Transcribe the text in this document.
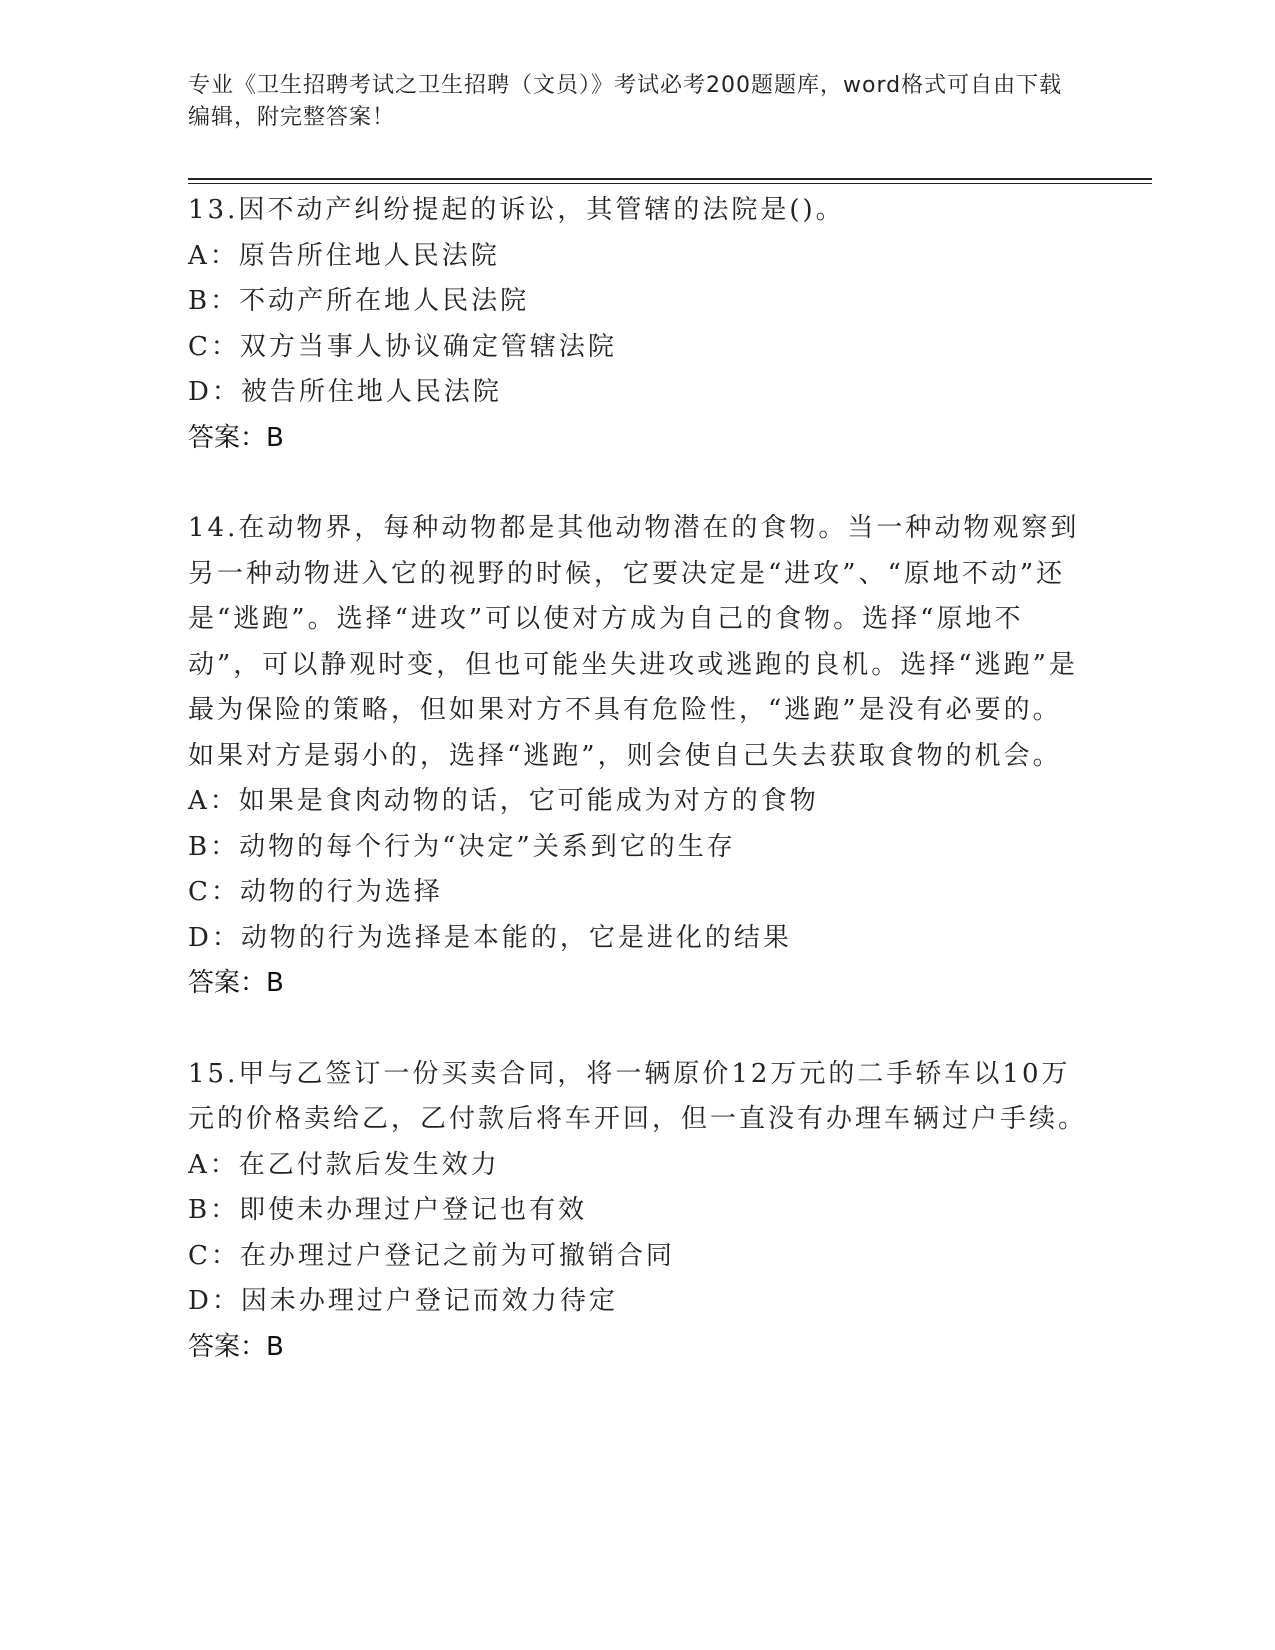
专业《卫生招聘考试之卫生招聘（文员）》考试必考200题题库，word格式可自由下载编辑，附完整答案！
13.因不动产纠纷提起的诉讼，其管辖的法院是()。
A：原告所住地人民法院
B：不动产所在地人民法院
C：双方当事人协议确定管辖法院
D：被告所住地人民法院
答案：B
14.在动物界，每种动物都是其他动物潜在的食物。当一种动物观察到另一种动物进入它的视野的时候，它要决定是“进攻”、“原地不动”还是“逃跑”。选择“进攻”可以使对方成为自己的食物。选择“原地不动”，可以静观时变，但也可能坐失进攻或逃跑的良机。选择“逃跑”是最为保险的策略，但如果对方不具有危险性，“逃跑”是没有必要的。如果对方是弱小的，选择“逃跑”，则会使自己失去获取食物的机会。
A：如果是食肉动物的话，它可能成为对方的食物
B：动物的每个行为“决定”关系到它的生存
C：动物的行为选择
D：动物的行为选择是本能的，它是进化的结果
答案：B
15.甲与乙签订一份买卖合同，将一辆原价12万元的二手轿车以10万元的价格卖给乙，乙付款后将车开回，但一直没有办理车辆过户手续。
A：在乙付款后发生效力
B：即使未办理过户登记也有效
C：在办理过户登记之前为可撤销合同
D：因未办理过户登记而效力待定
答案：B
